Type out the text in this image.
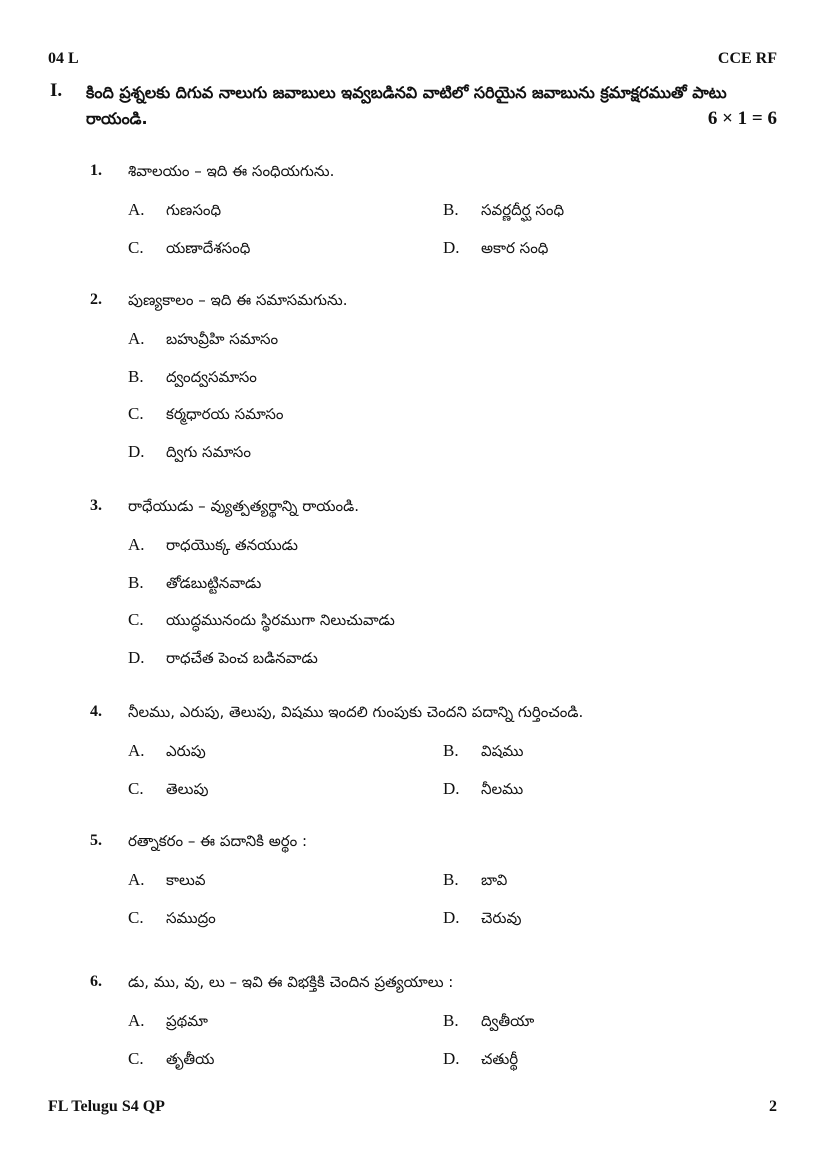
04 L	CCE RF
I. కింది ప్రశ్నలకు దిగువ నాలుగు జవాబులు ఇవ్వబడినవి వాటిలో సరియైన జవాబును క్రమాక్షరముతో పాటు రాయండి.	6 × 1 = 6
1. శివాలయం – ఇది ఈ సంధియగును.
A. గుణసంధి	B. సవర్ణదీర్ఘ సంధి
C. యణాదేశసంధి	D. అకార సంధి
2. పుణ్యకాలం – ఇది ఈ సమాసమగును.
A. బహువ్రీహి సమాసం
B. ద్వంద్వసమాసం
C. కర్మధారయ సమాసం
D. ద్విగు సమాసం
3. రాధేయుడు – వ్యుత్పత్యర్థాన్ని రాయండి.
A. రాధయొక్క తనయుడు
B. తోడబుట్టినవాడు
C. యుద్ధమునందు స్థిరముగా నిలుచువాడు
D. రాధచేత పెంచ బడినవాడు
4. నీలము, ఎరుపు, తెలుపు, విషము ఇందలి గుంపుకు చెందని పదాన్ని గుర్తించండి.
A. ఎరుపు	B. విషము
C. తెలుపు	D. నీలము
5. రత్నాకరం – ఈ పదానికి అర్థం :
A. కాలువ	B. బావి
C. సముద్రం	D. చెరువు
6. డు, ము, వు, లు – ఇవి ఈ విభక్తికి చెందిన ప్రత్యయాలు :
A. ప్రథమా	B. ద్వితీయా
C. తృతీయ	D. చతుర్థీ
FL Telugu S4 QP	2
